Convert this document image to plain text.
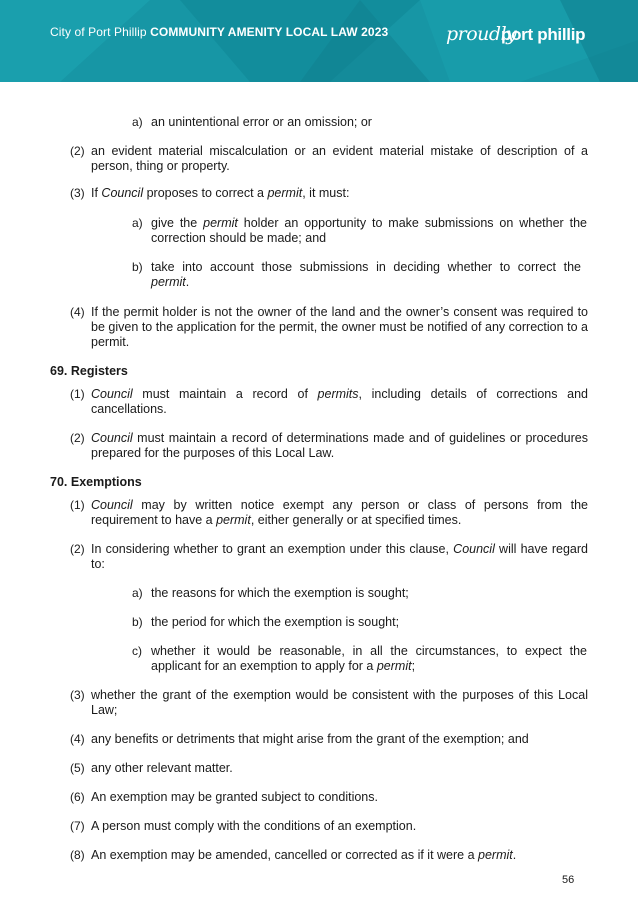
City of Port Phillip COMMUNITY AMENITY LOCAL LAW 2023	proudly
port phillip
a) an unintentional error or an omission; or
(2) an evident material miscalculation or an evident material mistake of description of a person, thing or property.
(3) If Council proposes to correct a permit, it must:
a) give the permit holder an opportunity to make submissions on whether the correction should be made; and
b) take into account those submissions in deciding whether to correct the permit.
(4) If the permit holder is not the owner of the land and the owner’s consent was required to be given to the application for the permit, the owner must be notified of any correction to a permit.
69. Registers
(1) Council must maintain a record of permits, including details of corrections and cancellations.
(2) Council must maintain a record of determinations made and of guidelines or procedures prepared for the purposes of this Local Law.
70. Exemptions
(1) Council may by written notice exempt any person or class of persons from the requirement to have a permit, either generally or at specified times.
(2) In considering whether to grant an exemption under this clause, Council will have regard to:
a) the reasons for which the exemption is sought;
b) the period for which the exemption is sought;
c) whether it would be reasonable, in all the circumstances, to expect the applicant for an exemption to apply for a permit;
(3) whether the grant of the exemption would be consistent with the purposes of this Local Law;
(4) any benefits or detriments that might arise from the grant of the exemption; and
(5) any other relevant matter.
(6) An exemption may be granted subject to conditions.
(7) A person must comply with the conditions of an exemption.
(8) An exemption may be amended, cancelled or corrected as if it were a permit.
56
